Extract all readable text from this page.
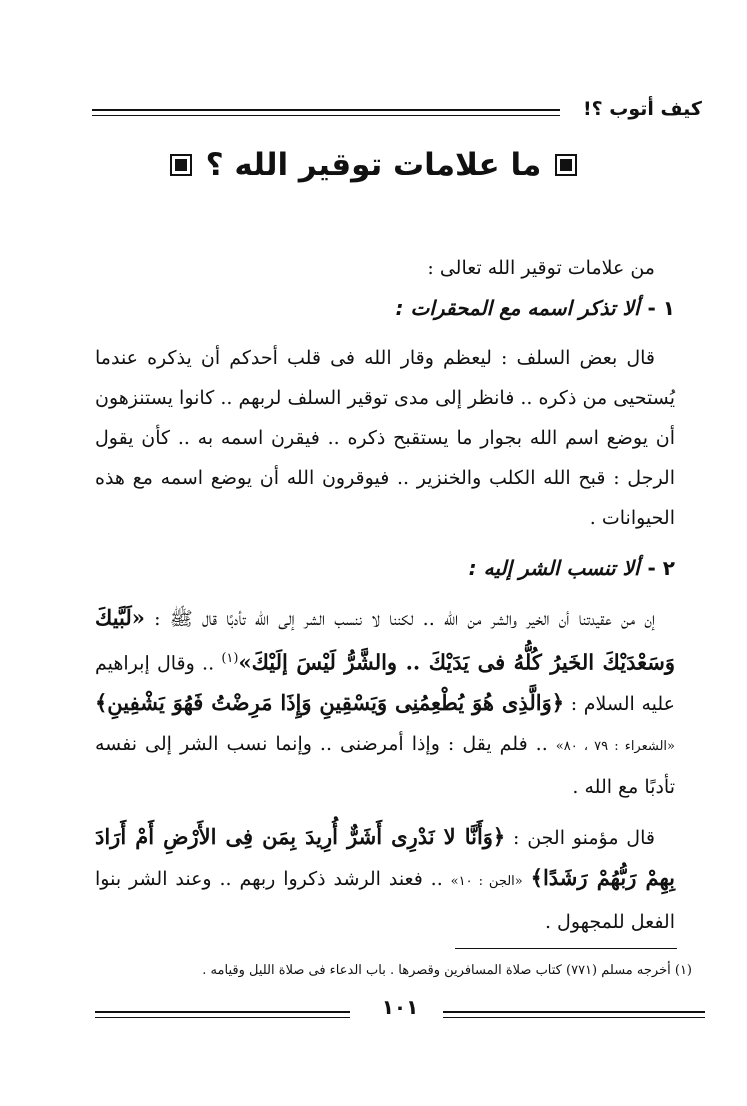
كيف أتوب ؟!
ما علامات توقير الله ؟

من علامات توقير الله تعالى :

١ -ألا تذكر اسمه مع المحقرات :

قال بعض السلف : ليعظم وقار الله فى قلب أحدكم أن يذكره عندما يُستحيى من ذكره .. فانظر إلى مدى توقير السلف لربهم .. كانوا يستنزهون أن يوضع اسم الله بجوار ما يستقبح ذكره .. فيقرن اسمه به .. كأن يقول الرجل : قبح الله الكلب والخنزير .. فيوقرون الله أن يوضع اسمه مع هذه الحيوانات .

٢ -ألا تنسب الشر إليه :

إن من عقيدتنا أن الخير والشر من الله .. لكننا لا ننسب الشر إلى الله تأدبًا قال ﷺ : «لَبَّيكَ وَسَعْدَيْكَ الخَيرُ كُلُّهُ فى يَدَيْكَ .. والشَّرُّ لَيْسَ إلَيْكَ»$^{(١)}$ .. وقال إبراهيم عليه السلام : ﴿وَالَّذِى هُوَ يُطْعِمُنِى وَيَسْقِينِ وَإِذَا مَرِضْتُ فَهُوَ يَشْفِينِ﴾ «الشعراء : ٧٩ ، ٨٠» .. فلم يقل : وإذا أمرضنى .. وإنما نسب الشر إلى نفسه تأدبًا مع الله .

قال مؤمنو الجن : ﴿وَأَنَّا لا نَدْرِى أَشَرٌّ أُرِيدَ بِمَن فِى الأَرْضِ أَمْ أَرَادَ بِهِمْ رَبُّهُمْ رَشَدًا﴾ «الجن : ١٠» .. فعند الرشد ذكروا ربهم .. وعند الشر بنوا الفعل للمجهول .

(١) أخرجه مسلم (٧٧١) كتاب صلاة المسافرين وقصرها . باب الدعاء فى صلاة الليل وقيامه .
١٠١
